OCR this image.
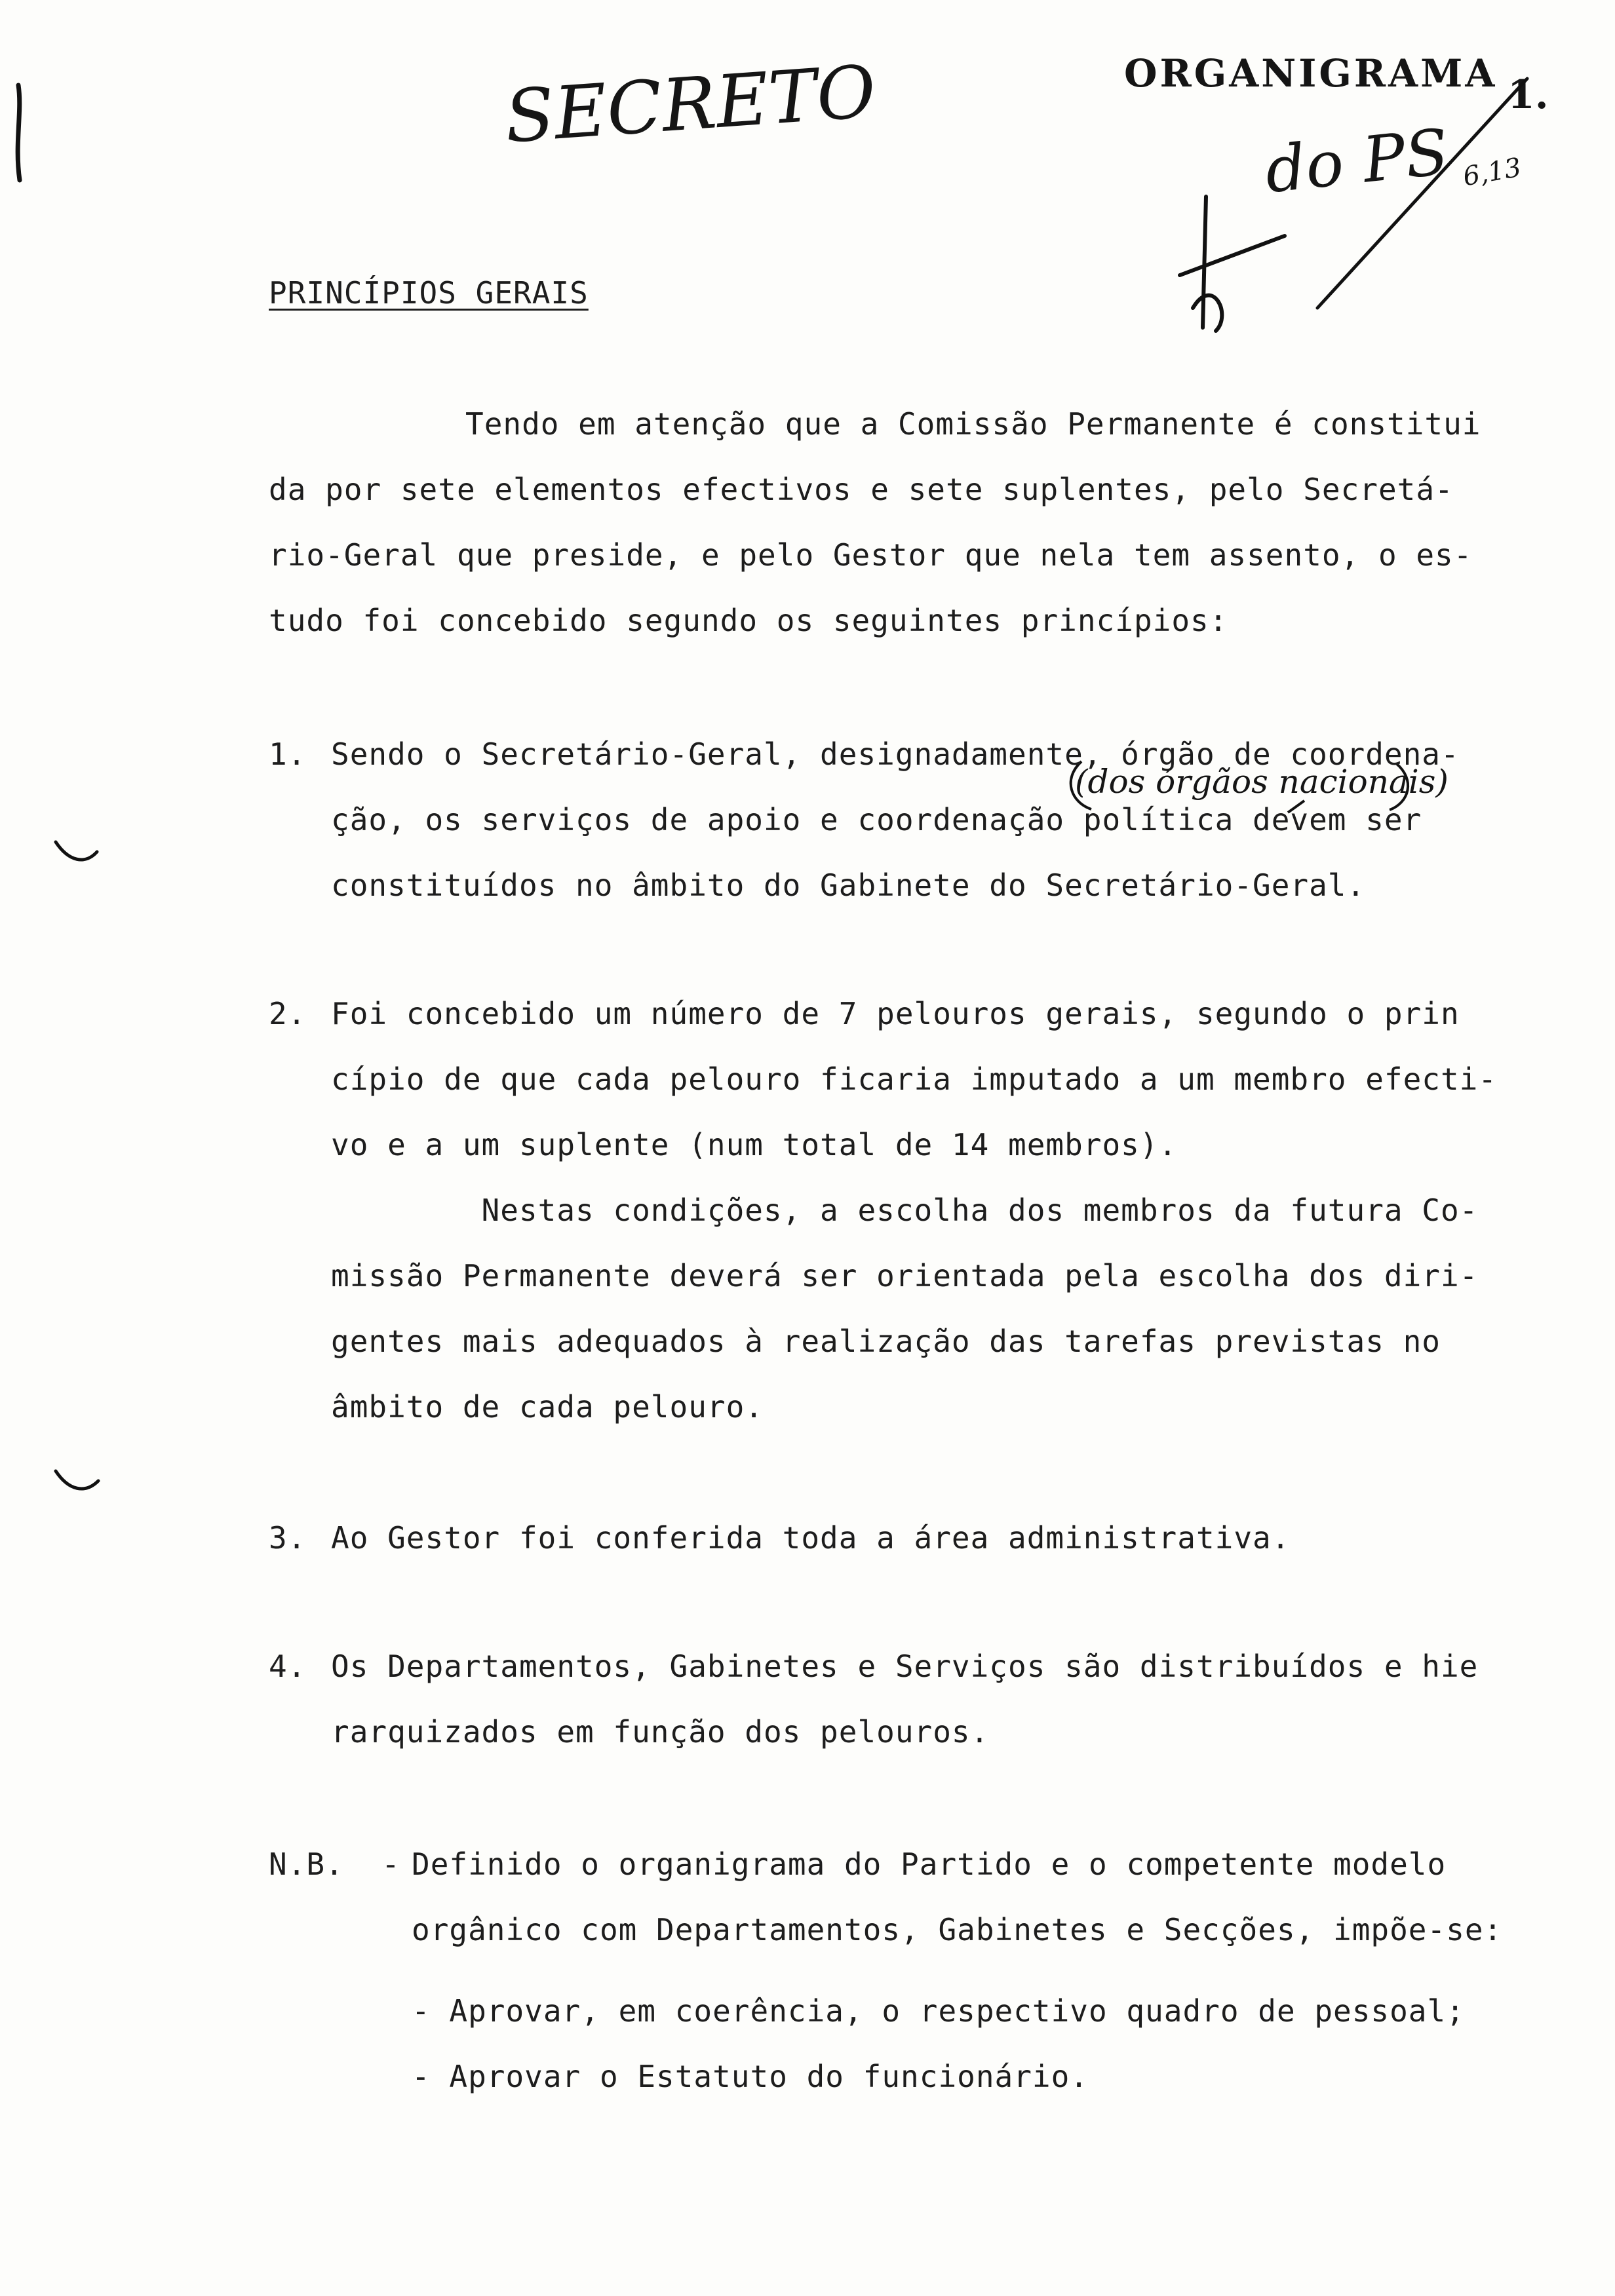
SECRETO	ORGANIGRAMA
do PS
1.
6,13
(dos órgãos nacionais)
PRINCÍPIOS GERAIS
Tendo em atenção que a Comissão Permanente é constitui
da por sete elementos efectivos e sete suplentes, pelo Secretá-
rio-Geral que preside, e pelo Gestor que nela tem assento, o es-
tudo foi concebido segundo os seguintes princípios:
1. Sendo o Secretário-Geral, designadamente, órgão de coordena-
ção, os serviços de apoio e coordenação política devem ser
constituídos no âmbito do Gabinete do Secretário-Geral.
2. Foi concebido um número de 7 pelouros gerais, segundo o prin
cípio de que cada pelouro ficaria imputado a um membro efecti-
vo e a um suplente (num total de 14 membros).
Nestas condições, a escolha dos membros da futura Co-
missão Permanente deverá ser orientada pela escolha dos diri-
gentes mais adequados à realização das tarefas previstas no
âmbito de cada pelouro.
3. Ao Gestor foi conferida toda a área administrativa.
4. Os Departamentos, Gabinetes e Serviços são distribuídos e hie
rarquizados em função dos pelouros.
N.B.  - Definido o organigrama do Partido e o competente modelo
orgânico com Departamentos, Gabinetes e Secções, impõe-se:
- Aprovar, em coerência, o respectivo quadro de pessoal;
- Aprovar o Estatuto do funcionário.
